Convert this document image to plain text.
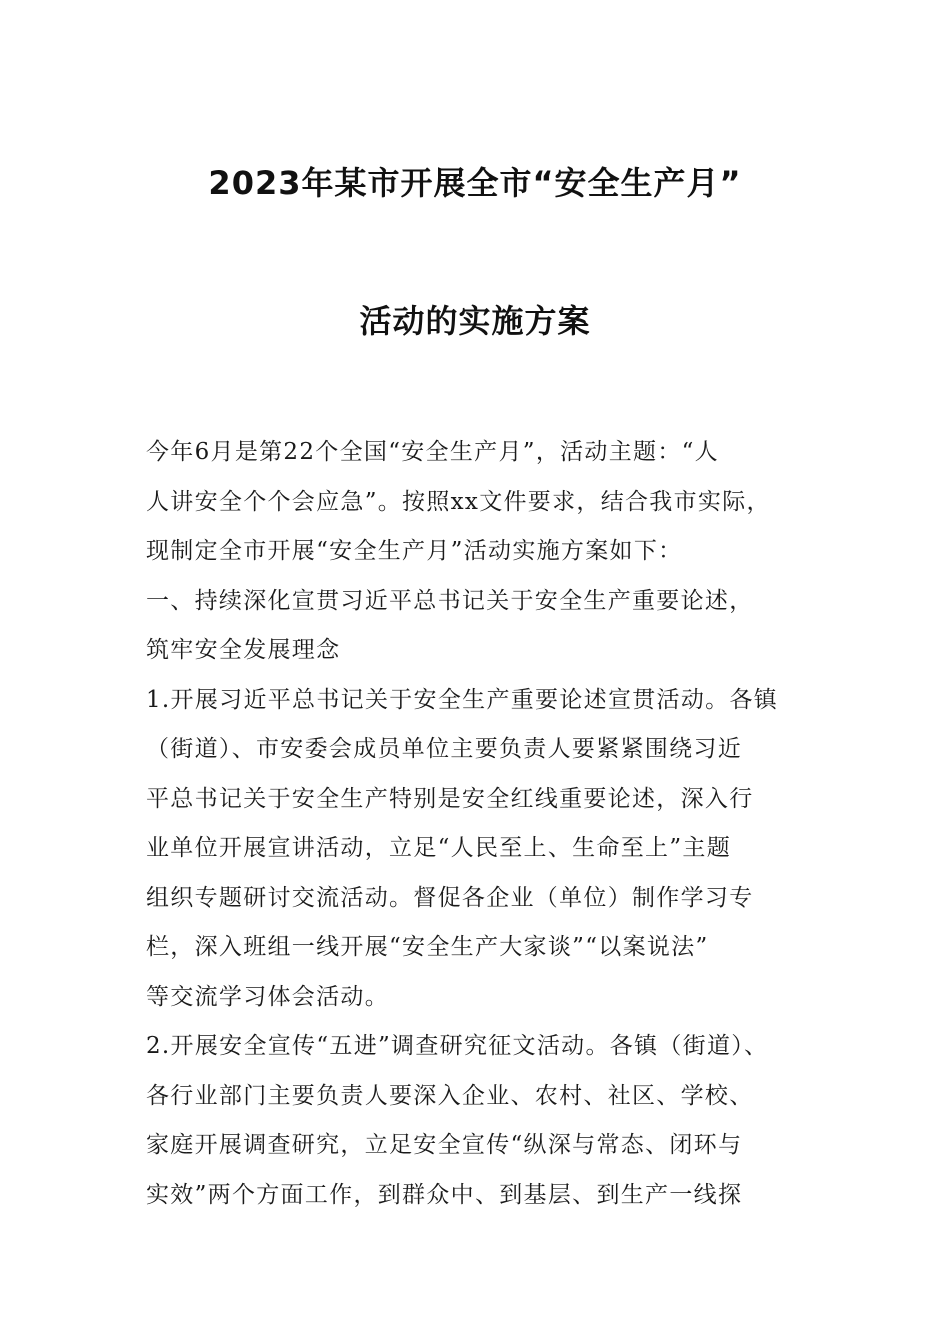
2023年某市开展全市“安全生产月”
活动的实施方案
今年6月是第22个全国“安全生产月”，活动主题：“人
人讲安全个个会应急”。按照xx文件要求，结合我市实际，
现制定全市开展“安全生产月”活动实施方案如下：
一、持续深化宣贯习近平总书记关于安全生产重要论述，
筑牢安全发展理念
1.开展习近平总书记关于安全生产重要论述宣贯活动。各镇
（街道）、市安委会成员单位主要负责人要紧紧围绕习近
平总书记关于安全生产特别是安全红线重要论述，深入行
业单位开展宣讲活动，立足“人民至上、生命至上”主题
组织专题研讨交流活动。督促各企业（单位）制作学习专
栏，深入班组一线开展“安全生产大家谈”“以案说法”
等交流学习体会活动。
2.开展安全宣传“五进”调查研究征文活动。各镇（街道）、
各行业部门主要负责人要深入企业、农村、社区、学校、
家庭开展调查研究，立足安全宣传“纵深与常态、闭环与
实效”两个方面工作，到群众中、到基层、到生产一线探
